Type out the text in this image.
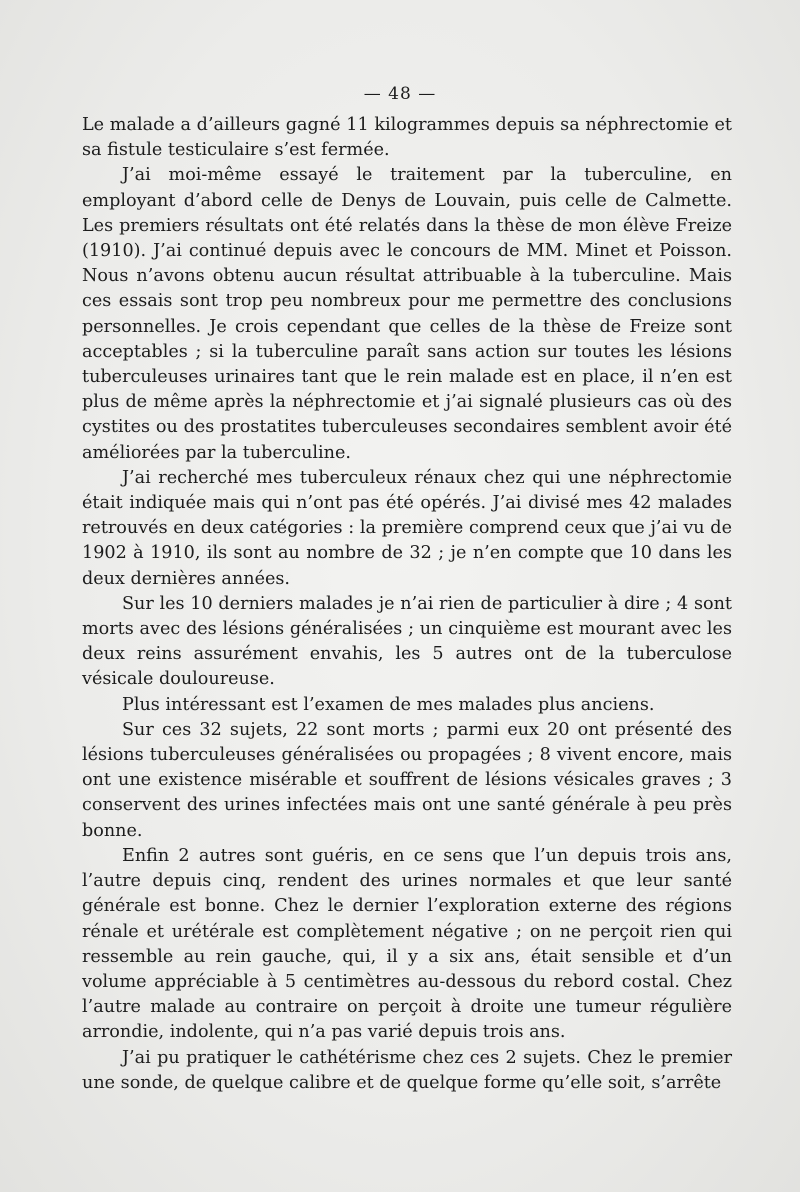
— 48 —

Le malade a d’ailleurs gagné 11 kilogrammes depuis sa néphrectomie et sa fistule testiculaire s’est fermée.

J’ai moi-même essayé le traitement par la tuberculine, en employant d’abord celle de Denys de Louvain, puis celle de Calmette. Les premiers résultats ont été relatés dans la thèse de mon élève Freize (1910). J’ai continué depuis avec le concours de MM. Minet et Poisson. Nous n’avons obtenu aucun résultat attribuable à la tuberculine. Mais ces essais sont trop peu nombreux pour me permettre des conclusions personnelles. Je crois cependant que celles de la thèse de Freize sont acceptables ; si la tuberculine paraît sans action sur toutes les lésions tuberculeuses urinaires tant que le rein malade est en place, il n’en est plus de même après la néphrectomie et j’ai signalé plusieurs cas où des cystites ou des prostatites tuberculeuses secondaires semblent avoir été améliorées par la tuberculine.

J’ai recherché mes tuberculeux rénaux chez qui une néphrectomie était indiquée mais qui n’ont pas été opérés. J’ai divisé mes 42 malades retrouvés en deux catégories : la première comprend ceux que j’ai vu de 1902 à 1910, ils sont au nombre de 32 ; je n’en compte que 10 dans les deux dernières années.

Sur les 10 derniers malades je n’ai rien de particulier à dire ; 4 sont morts avec des lésions généralisées ; un cinquième est mourant avec les deux reins assurément envahis, les 5 autres ont de la tuberculose vésicale douloureuse.

Plus intéressant est l’examen de mes malades plus anciens.

Sur ces 32 sujets, 22 sont morts ; parmi eux 20 ont présenté des lésions tuberculeuses généralisées ou propagées ; 8 vivent encore, mais ont une existence misérable et souffrent de lésions vésicales graves ; 3 conservent des urines infectées mais ont une santé générale à peu près bonne.

Enfin 2 autres sont guéris, en ce sens que l’un depuis trois ans, l’autre depuis cinq, rendent des urines normales et que leur santé générale est bonne. Chez le dernier l’exploration externe des régions rénale et urétérale est complètement négative ; on ne perçoit rien qui ressemble au rein gauche, qui, il y a six ans, était sensible et d’un volume appréciable à 5 centimètres au-dessous du rebord costal. Chez l’autre malade au contraire on perçoit à droite une tumeur régulière arrondie, indolente, qui n’a pas varié depuis trois ans.

J’ai pu pratiquer le cathétérisme chez ces 2 sujets. Chez le premier une sonde, de quelque calibre et de quelque forme qu’elle soit, s’arrête
